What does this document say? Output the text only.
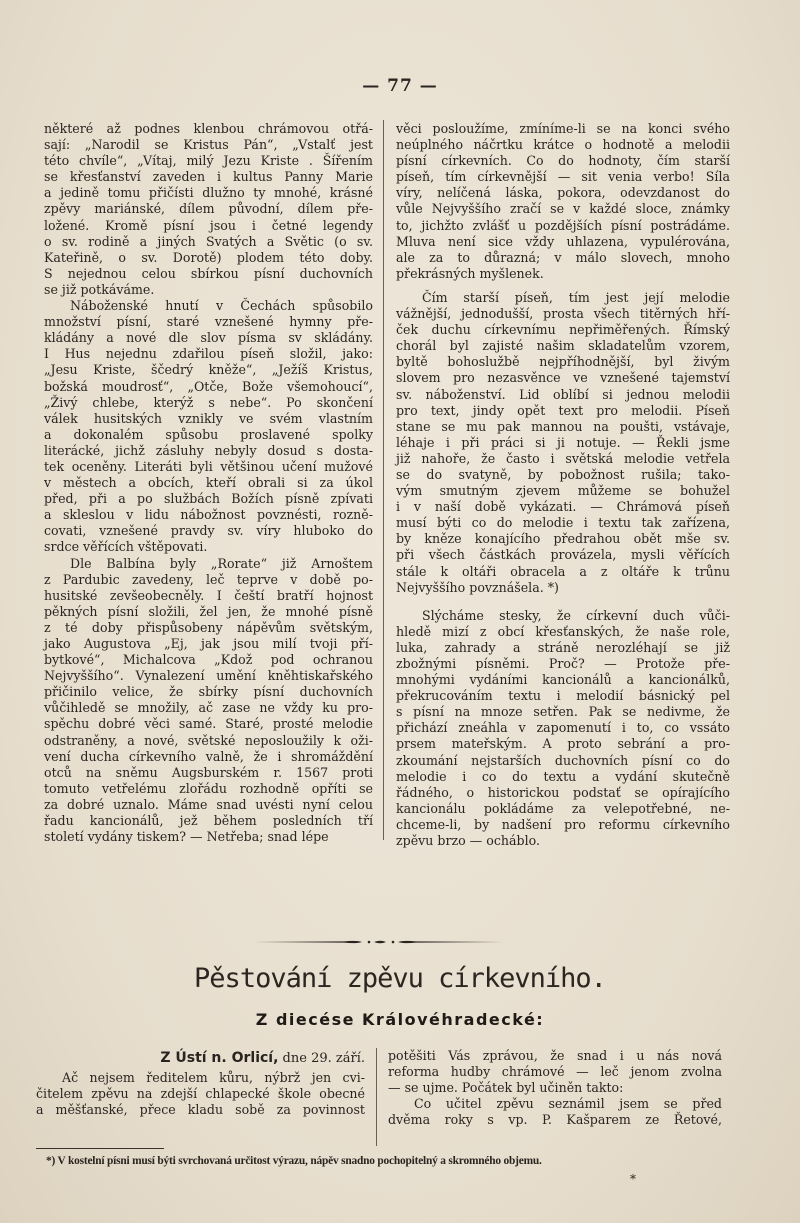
— 77 —
některé až podnes klenbou chrámovou otřá-
sají: „Narodil se Kristus Pán“, „Vstalť jest
této chvíle“, „Vítaj, milý Jezu Kriste . Šířením
se křesťanství zaveden i kultus Panny Marie
a jedině tomu přičísti dlužno ty mnohé, krásné
zpěvy mariánské, dílem původní, dílem pře-
ložené. Kromě písní jsou i četné legendy
o sv. rodině a jiných Svatých a Světic (o sv.
Kateřině, o sv. Dorotě) plodem této doby.
S nejednou celou sbírkou písní duchovních
se již potkáváme.
Náboženské hnutí v Čechách spůsobilo
množství písní, staré vznešené hymny pře-
kládány a nové dle slov písma sv skládány.
I Hus nejednu zdařilou píseň složil, jako:
„Jesu Kriste, ščedrý kněže“, „Ježíš Kristus,
božská moudrosť“, „Otče, Bože všemohoucí“,
„Živý chlebe, kterýž s nebe“. Po skončení
válek husitských vznikly ve svém vlastním
a dokonalém spůsobu proslavené spolky
literácké, jichž zásluhy nebyly dosud s dosta-
tek oceněny. Literáti byli většinou učení mužové
v městech a obcích, kteří obrali si za úkol
před, při a po službách Božích písně zpívati
a skleslou v lidu nábožnost povznésti, rozně-
covati, vznešené pravdy sv. víry hluboko do
srdce věřících vštěpovati.
Dle Balbína byly „Rorate“ již Arnoštem
z Pardubic zavedeny, leč teprve v době po-
husitské zevšeobecněly. I čeští bratří hojnost
pěkných písní složili, žel jen, že mnohé písně
z té doby přispůsobeny nápěvům světským,
jako Augustova „Ej, jak jsou milí tvoji pří-
bytkové“, Michalcova „Kdož pod ochranou
Nejvyššího“. Vynalezení umění kněhtiskařského
přičinilo velice, že sbírky písní duchovních
vůčihledě se množily, ač zase ne vždy ku pro-
spěchu dobré věci samé. Staré, prosté melodie
odstraněny, a nové, světské neposloužily k oži-
vení ducha církevního valně, že i shromáždění
otců na sněmu Augsburském r. 1567 proti
tomuto vetřelému zlořádu rozhodně opříti se
za dobré uznalo. Máme snad uvésti nyní celou
řadu kancionálů, jež během posledních tří
století vydány tiskem? — Netřeba; snad lépe
věci posloužíme, zmíníme-li se na konci svého
neúplného náčrtku krátce o hodnotě a melodii
písní církevních. Co do hodnoty, čím starší
píseň, tím církevnější — sit venia verbo! Síla
víry, nelíčená láska, pokora, odevzdanost do
vůle Nejvyššího zračí se v každé sloce, známky
to, jichžto zvlášť u pozdějších písní postrádáme.
Mluva není sice vždy uhlazena, vypulérována,
ale za to důrazná; v málo slovech, mnoho
překrásných myšlenek.
Čím starší píseň, tím jest její melodie
vážnější, jednodušší, prosta všech titěrných hří-
ček duchu církevnímu nepřiměřených. Římský
chorál byl zajisté našim skladatelům vzorem,
byltě bohoslužbě nejpříhodnější, byl živým
slovem pro nezasvěnce ve vznešené tajemství
sv. náboženství. Lid oblíbí si jednou melodii
pro text, jindy opět text pro melodii. Píseň
stane se mu pak mannou na poušti, vstávaje,
léhaje i při práci si ji notuje. — Řekli jsme
již nahoře, že často i světská melodie vetřela
se do svatyně, by pobožnost rušila; tako-
vým smutným zjevem můžeme se bohužel
i v naší době vykázati. — Chrámová píseň
musí býti co do melodie i textu tak zařízena,
by kněze konajícího předrahou obět mše sv.
při všech částkách provázela, mysli věřících
stále k oltáři obracela a z oltáře k trůnu
Nejvyššího povznášela. *)
Slýcháme stesky, že církevní duch vůči-
hledě mizí z obcí křesťanských, že naše role,
luka, zahrady a stráně nerozléhají se již
zbožnými písněmi. Proč? — Protože pře-
mnohými vydáními kancionálů a kancionálků,
překrucováním textu i melodií básnický pel
s písní na mnoze setřen. Pak se nedivme, že
přichází zneáhla v zapomenutí i to, co vssáto
prsem mateřským. A proto sebrání a pro-
zkoumání nejstarších duchovních písní co do
melodie i co do textu a vydání skutečně
řádného, o historickou podstať se opírajícího
kancionálu pokládáme za velepotřebné, ne-
chceme-li, by nadšení pro reformu církevního
zpěvu brzo — ocháblo.
Pěstování zpěvu církevního.
Z diecése Královéhradecké:
Z Ústí n. Orlicí, dne 29. září.
Ač nejsem ředitelem kůru, nýbrž jen cvi-
čitelem zpěvu na zdejší chlapecké škole obecné
a měšťanské, přece kladu sobě za povinnost
potěšiti Vás zprávou, že snad i u nás nová
reforma hudby chrámové — leč jenom zvolna
— se ujme. Počátek byl učiněn takto:
Co učitel zpěvu seznámil jsem se před
dvěma roky s vp. P. Kašparem ze Řetové,
*) V kostelní písni musí býti svrchovaná určitost výrazu, nápěv snadno pochopitelný a skromného objemu.
*
